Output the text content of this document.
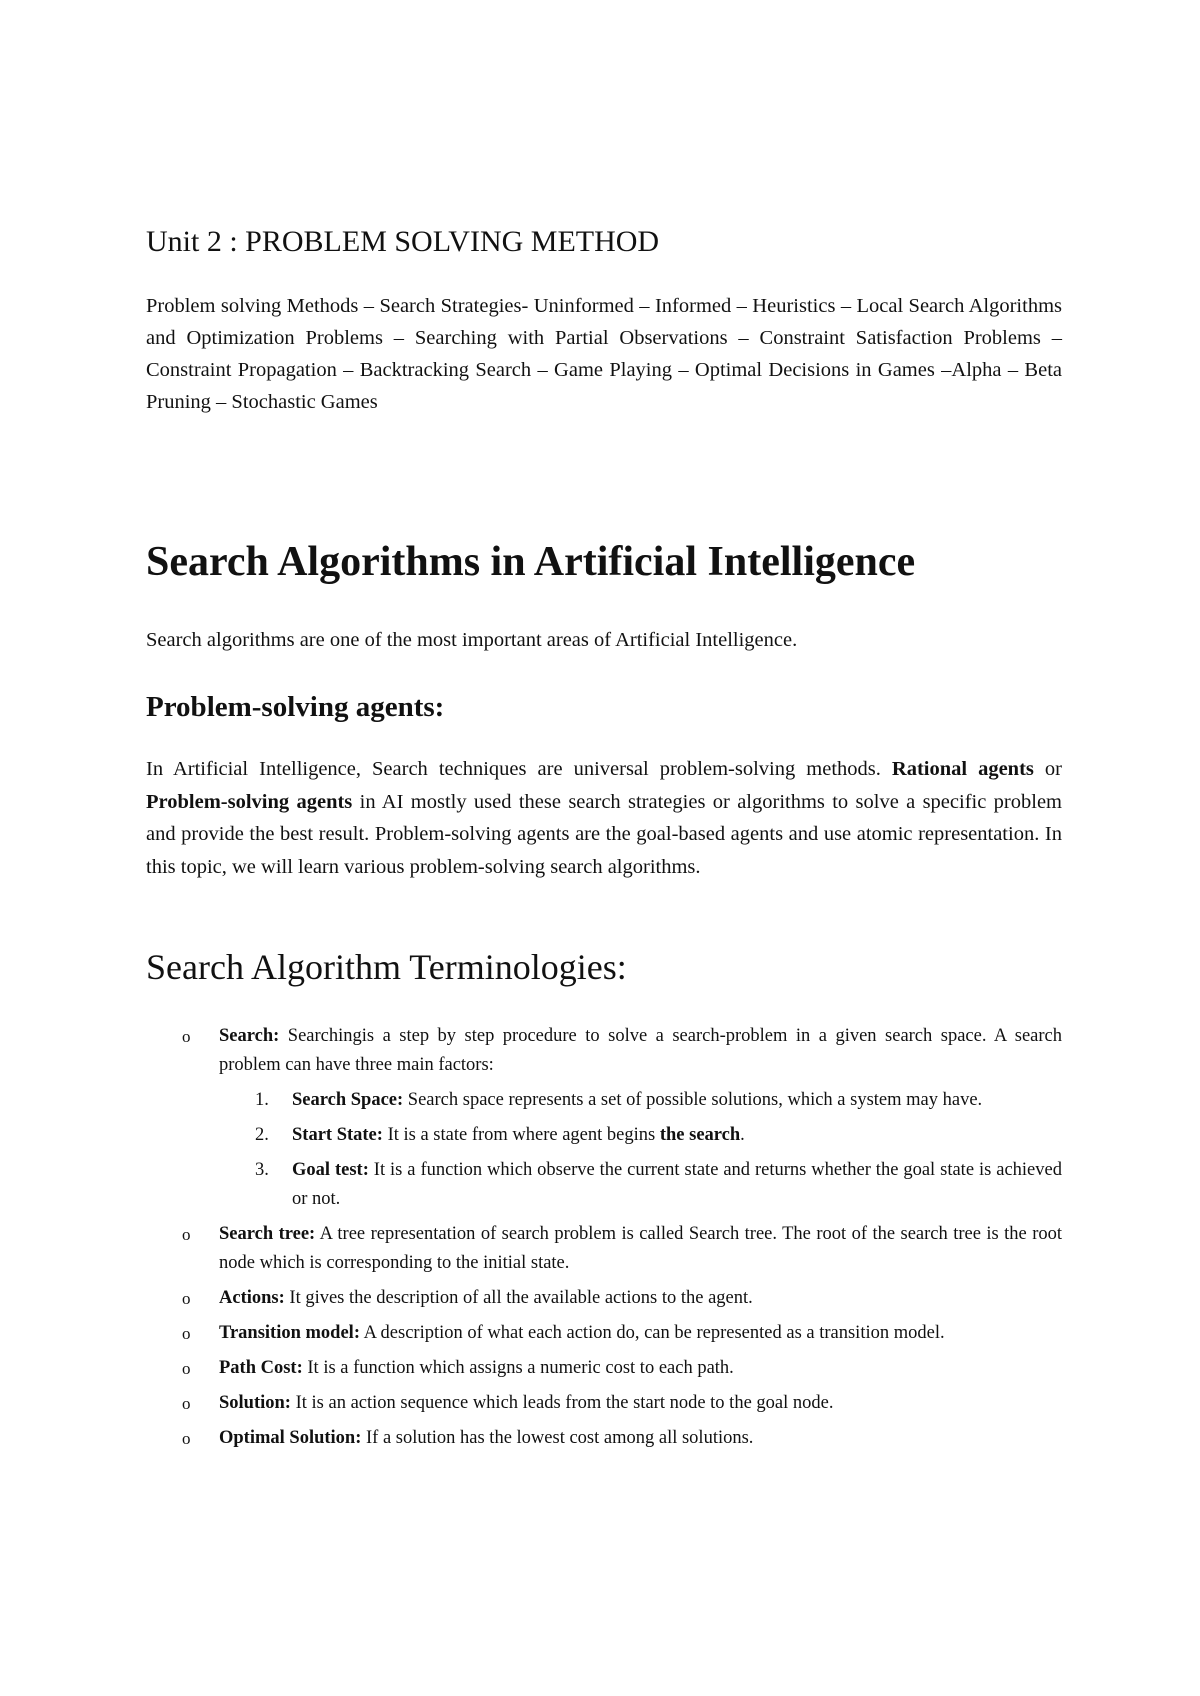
Unit 2 : PROBLEM SOLVING METHOD

Problem solving Methods – Search Strategies- Uninformed – Informed – Heuristics – Local Search Algorithms and Optimization Problems – Searching with Partial Observations – Constraint Satisfaction Problems – Constraint Propagation – Backtracking Search – Game Playing – Optimal Decisions in Games –Alpha – Beta Pruning – Stochastic Games

Search Algorithms in Artificial Intelligence

Search algorithms are one of the most important areas of Artificial Intelligence.

Problem-solving agents:

In Artificial Intelligence, Search techniques are universal problem-solving methods. Rational agents or Problem-solving agents in AI mostly used these search strategies or algorithms to solve a specific problem and provide the best result. Problem-solving agents are the goal-based agents and use atomic representation. In this topic, we will learn various problem-solving search algorithms.

Search Algorithm Terminologies:
o Search: Searchingis a step by step procedure to solve a search-problem in a given search space. A search problem can have three main factors:
1. Search Space: Search space represents a set of possible solutions, which a system may have.
2. Start State: It is a state from where agent begins the search.
3. Goal test: It is a function which observe the current state and returns whether the goal state is achieved or not.
o Search tree: A tree representation of search problem is called Search tree. The root of the search tree is the root node which is corresponding to the initial state.
o Actions: It gives the description of all the available actions to the agent.
o Transition model: A description of what each action do, can be represented as a transition model.
o Path Cost: It is a function which assigns a numeric cost to each path.
o Solution: It is an action sequence which leads from the start node to the goal node.
o Optimal Solution: If a solution has the lowest cost among all solutions.
